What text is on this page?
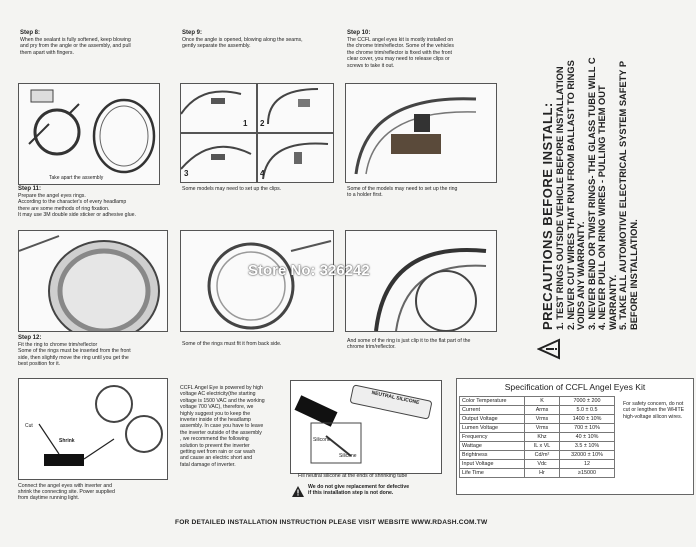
Step 8:
When the sealant is fully softened, keep blowing
and pry from the angle or the assembly, and pull
them apart with fingers.
Take apart the assembly
Step 9:
Once the angle is opened, blowing along the seams,
gently separate the assembly.
1 2
3	4
Some models may need to set up the clips.
Step 10:
The CCFL angel eyes kit is mostly installed on
the chrome trim/reflector. Some of the vehicles
the chrome trim/reflector is fixed with the front
clear cover, you may need to release clips or
screws to take it out.
Some of the models may need to set up the ring
to a holder first.
Step 11:
Prepare the angel eyes rings.
According to the character's of every headlamp
there are some methods of ring fixation.
It may use 3M double side sticker or adhesive glue.
Some of the rings must fit it from back side.	And some of the ring is just clip it to the flat part of the
chrome trim/reflector.
Step 12:
Fit the ring to chrome trim/reflector
Some of the rings must be inserted from the front
side, then slightly move the ring until you get the
best position for it.
Shrink
Cut
Connect the angel eyes with inverter and
shrink the connecting site. Power supplied
from daytime running light.
CCFL Angel Eye is powered by high
voltage AC electricity(the starting
voltage is 1500 VAC and the working
voltage 700 VAC), therefore, we
highly suggest you to keep the
inverter inside of the headlamp
assembly. In case you have to leave
the inverter outside of the assembly
, we recommend the following
solution to prevent the inverter
getting wet from rain or car wash
and cause an electric short and
fatal damage of inverter.
NEUTRAL SILICONE
Silicone
Silicone
Fill neutral silicone at the ends of shrinking tube
We do not give replacement for defective
if this installation step is not done.
PRECAUTIONS BEFORE INSTALL: 1. TEST RINGS OUTSIDE VEHICLE BEFORE INSTALLATION 2. NEVER CUT WIRES THAT RUN FROM BALLAST TO RINGS VOIDS ANY WARRANTY. 3. NEVER BEND OR TWIST RINGS- THE GLASS TUBE WILL C 4. NEVER PULL ON RING WIRES - PULLING THEM OUT WARRANTY. 5. TAKE ALL AUTOMOTIVE ELECTRICAL SYSTEM SAFETY P BEFORE INSTALLATION.
Specification of CCFL Angel Eyes Kit
Color Temperature	K	7000 ± 200
Current	Arms	5.0 ± 0.5
Output Voltage	Vrms	1400 ± 10%
Lumen Voltage	Vrms	700 ± 10%
Frequency	Khz	40 ± 10%
Wattage	IL x VL	3.5 ± 10%
Brightness	Cd/m²	32000 ± 10%
Input Voltage	Vdc	12
Life Time	Hr	≥15000
For safety concern, do not
cut or lengthen the WHITE
high-voltage silicon wires.
Store No: 326242
FOR DETAILED INSTALLATION INSTRUCTION PLEASE VISIT WEBSITE WWW.RDASH.COM.TW
